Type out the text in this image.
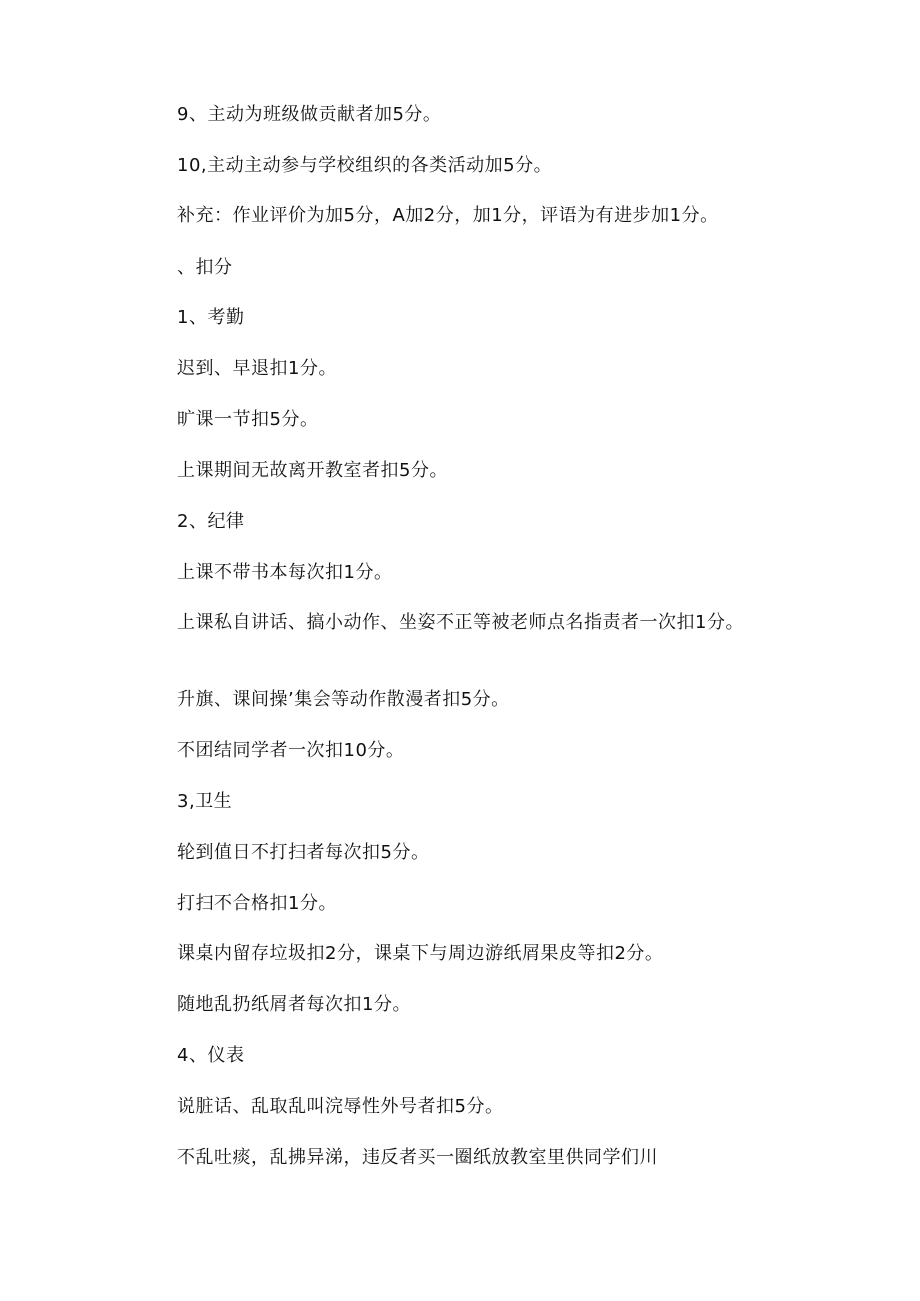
9、主动为班级做贡献者加5分。
10,主动主动参与学校组织的各类活动加5分。
补充：作业评价为加5分，A加2分，加1分，评语为有进步加1分。
、扣分
1、考勤
迟到、早退扣1分。
旷课一节扣5分。
上课期间无故离开教室者扣5分。
2、纪律
上课不带书本每次扣1分。
上课私自讲话、搞小动作、坐姿不正等被老师点名指责者一次扣1分。
升旗、课间操’集会等动作散漫者扣5分。
不团结同学者一次扣10分。
3,卫生
轮到值日不打扫者每次扣5分。
打扫不合格扣1分。
课桌内留存垃圾扣2分，课桌下与周边游纸屑果皮等扣2分。
随地乱扔纸屑者每次扣1分。
4、仪表
说脏话、乱取乱叫浣辱性外号者扣5分。
不乱吐痰，乱拂异涕，违反者买一圈纸放教室里供同学们川
